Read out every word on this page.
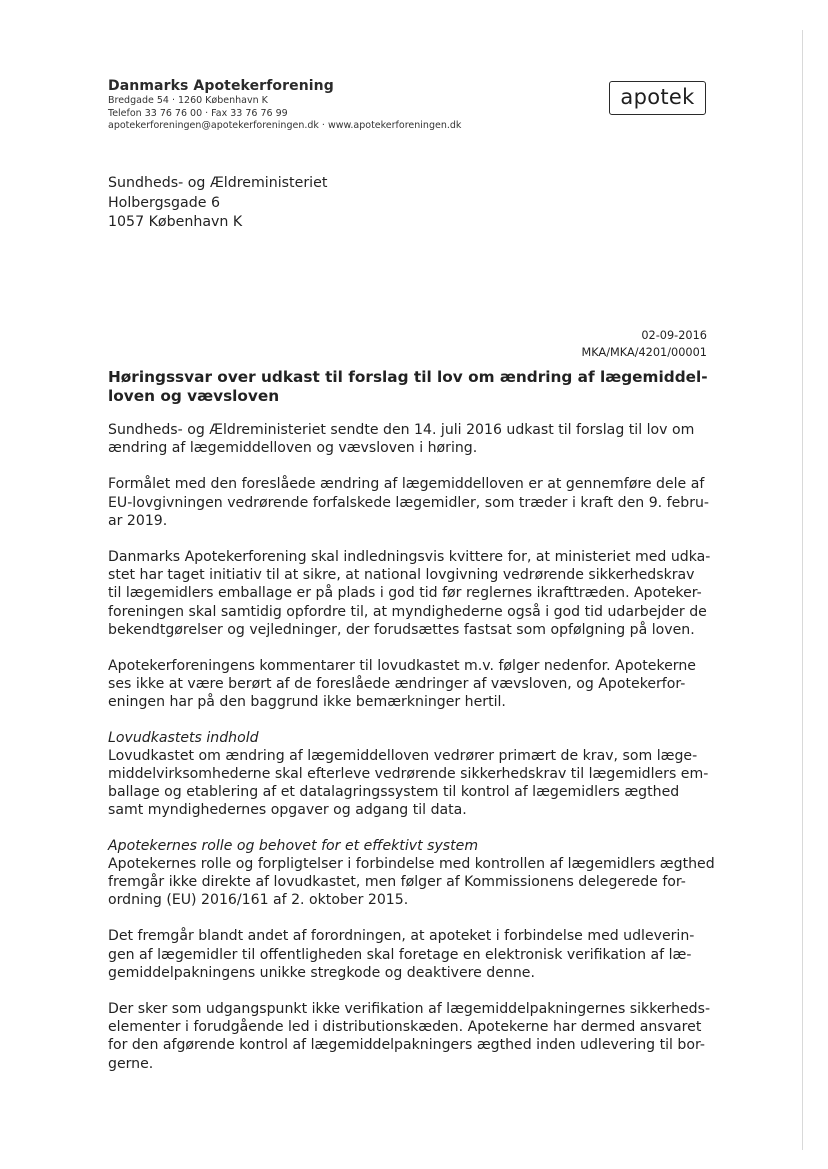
Danmarks Apotekerforening
Bredgade 54 · 1260 København K
Telefon 33 76 76 00 · Fax 33 76 76 99
apotekerforeningen@apotekerforeningen.dk · www.apotekerforeningen.dk
apotek
Sundheds- og Ældreministeriet
Holbergsgade 6
1057 København K
02-09-2016
MKA/MKA/4201/00001
Høringssvar over udkast til forslag til lov om ændring af lægemiddel-
loven og vævsloven
Sundheds- og Ældreministeriet sendte den 14. juli 2016 udkast til forslag til lov om
ændring af lægemiddelloven og vævsloven i høring.
Formålet med den foreslåede ændring af lægemiddelloven er at gennemføre dele af
EU-lovgivningen vedrørende forfalskede lægemidler, som træder i kraft den 9. febru-
ar 2019.
Danmarks Apotekerforening skal indledningsvis kvittere for, at ministeriet med udka-
stet har taget initiativ til at sikre, at national lovgivning vedrørende sikkerhedskrav
til lægemidlers emballage er på plads i god tid før reglernes ikrafttræden. Apoteker-
foreningen skal samtidig opfordre til, at myndighederne også i god tid udarbejder de
bekendtgørelser og vejledninger, der forudsættes fastsat som opfølgning på loven.
Apotekerforeningens kommentarer til lovudkastet m.v. følger nedenfor. Apotekerne
ses ikke at være berørt af de foreslåede ændringer af vævsloven, og Apotekerfor-
eningen har på den baggrund ikke bemærkninger hertil.
Lovudkastets indhold
Lovudkastet om ændring af lægemiddelloven vedrører primært de krav, som læge-
middelvirksomhederne skal efterleve vedrørende sikkerhedskrav til lægemidlers em-
ballage og etablering af et datalagringssystem til kontrol af lægemidlers ægthed
samt myndighedernes opgaver og adgang til data.
Apotekernes rolle og behovet for et effektivt system
Apotekernes rolle og forpligtelser i forbindelse med kontrollen af lægemidlers ægthed
fremgår ikke direkte af lovudkastet, men følger af Kommissionens delegerede for-
ordning (EU) 2016/161 af 2. oktober 2015.
Det fremgår blandt andet af forordningen, at apoteket i forbindelse med udleverin-
gen af lægemidler til offentligheden skal foretage en elektronisk verifikation af læ-
gemiddelpakningens unikke stregkode og deaktivere denne.
Der sker som udgangspunkt ikke verifikation af lægemiddelpakningernes sikkerheds-
elementer i forudgående led i distributionskæden. Apotekerne har dermed ansvaret
for den afgørende kontrol af lægemiddelpakningers ægthed inden udlevering til bor-
gerne.
